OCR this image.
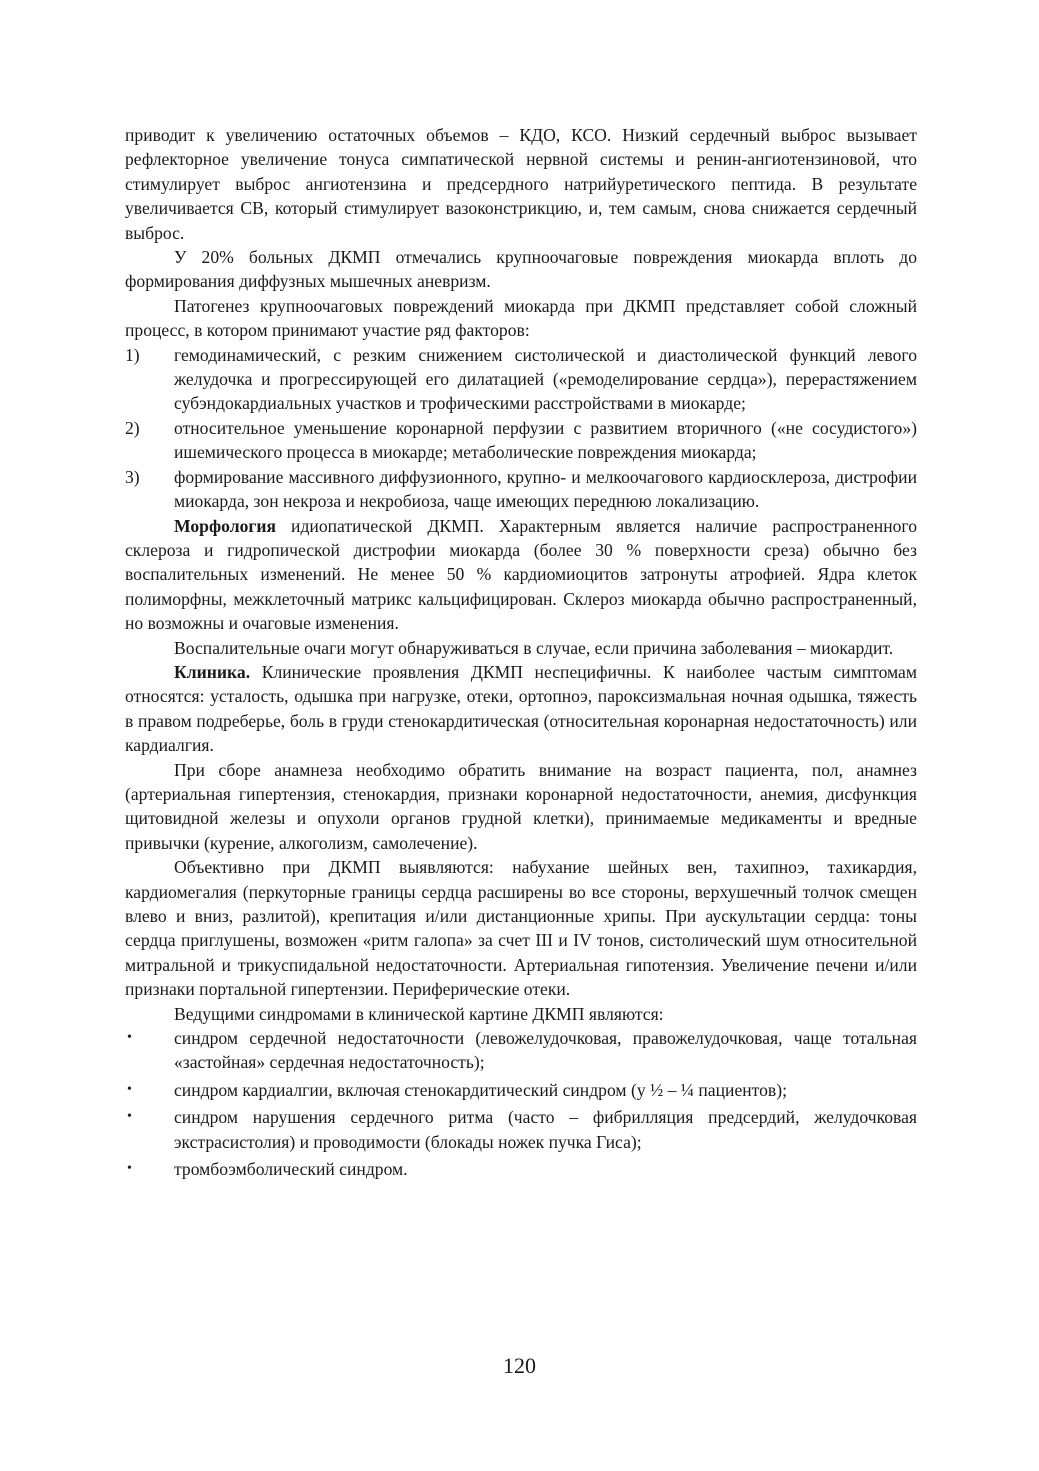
приводит к увеличению остаточных объемов – КДО, КСО. Низкий сердечный выброс вызывает рефлекторное увеличение тонуса симпатической нервной системы и ренин-ангиотензиновой, что стимулирует выброс ангиотензина и предсердного натрийуретического пептида. В результате увеличивается СВ, который стимулирует вазоконстрикцию, и, тем самым, снова снижается сердечный выброс.

У 20% больных ДКМП отмечались крупноочаговые повреждения миокарда вплоть до формирования диффузных мышечных аневризм.

Патогенез крупноочаговых повреждений миокарда при ДКМП представляет собой сложный процесс, в котором принимают участие ряд факторов:

1) гемодинамический, с резким снижением систолической и диастолической функций левого желудочка и прогрессирующей его дилатацией («ремоделирование сердца»), перерастяжением субэндокардиальных участков и трофическими расстройствами в миокарде;
2) относительное уменьшение коронарной перфузии с развитием вторичного («не сосудистого») ишемического процесса в миокарде; метаболические повреждения миокарда;
3) формирование массивного диффузионного, крупно- и мелкоочагового кардиосклероза, дистрофии миокарда, зон некроза и некробиоза, чаще имеющих переднюю локализацию.

Морфология идиопатической ДКМП. Характерным является наличие распространенного склероза и гидропической дистрофии миокарда (более 30 % поверхности среза) обычно без воспалительных изменений. Не менее 50 % кардиомиоцитов затронуты атрофией. Ядра клеток полиморфны, межклеточный матрикс кальцифицирован. Склероз миокарда обычно распространенный, но возможны и очаговые изменения.

Воспалительные очаги могут обнаруживаться в случае, если причина заболевания – миокардит.

Клиника. Клинические проявления ДКМП неспецифичны. К наиболее частым симптомам относятся: усталость, одышка при нагрузке, отеки, ортопноэ, пароксизмальная ночная одышка, тяжесть в правом подреберье, боль в груди стенокардитическая (относительная коронарная недостаточность) или кардиалгия.

При сборе анамнеза необходимо обратить внимание на возраст пациента, пол, анамнез (артериальная гипертензия, стенокардия, признаки коронарной недостаточности, анемия, дисфункция щитовидной железы и опухоли органов грудной клетки), принимаемые медикаменты и вредные привычки (курение, алкоголизм, самолечение).

Объективно при ДКМП выявляются: набухание шейных вен, тахипноэ, тахикардия, кардиомегалия (перкуторные границы сердца расширены во все стороны, верхушечный толчок смещен влево и вниз, разлитой), крепитация и/или дистанционные хрипы. При аускультации сердца: тоны сердца приглушены, возможен «ритм галопа» за счет III и IV тонов, систолический шум относительной митральной и трикуспидальной недостаточности. Артериальная гипотензия. Увеличение печени и/или признаки портальной гипертензии. Периферические отеки.

Ведущими синдромами в клинической картине ДКМП являются:

• синдром сердечной недостаточности (левожелудочковая, правожелудочковая, чаще тотальная «застойная» сердечная недостаточность);
• синдром кардиалгии, включая стенокардитический синдром (у ½ – ¼ пациентов);
• синдром нарушения сердечного ритма (часто – фибрилляция предсердий, желудочковая экстрасистолия) и проводимости (блокады ножек пучка Гиса);
• тромбоэмболический синдром.
120
